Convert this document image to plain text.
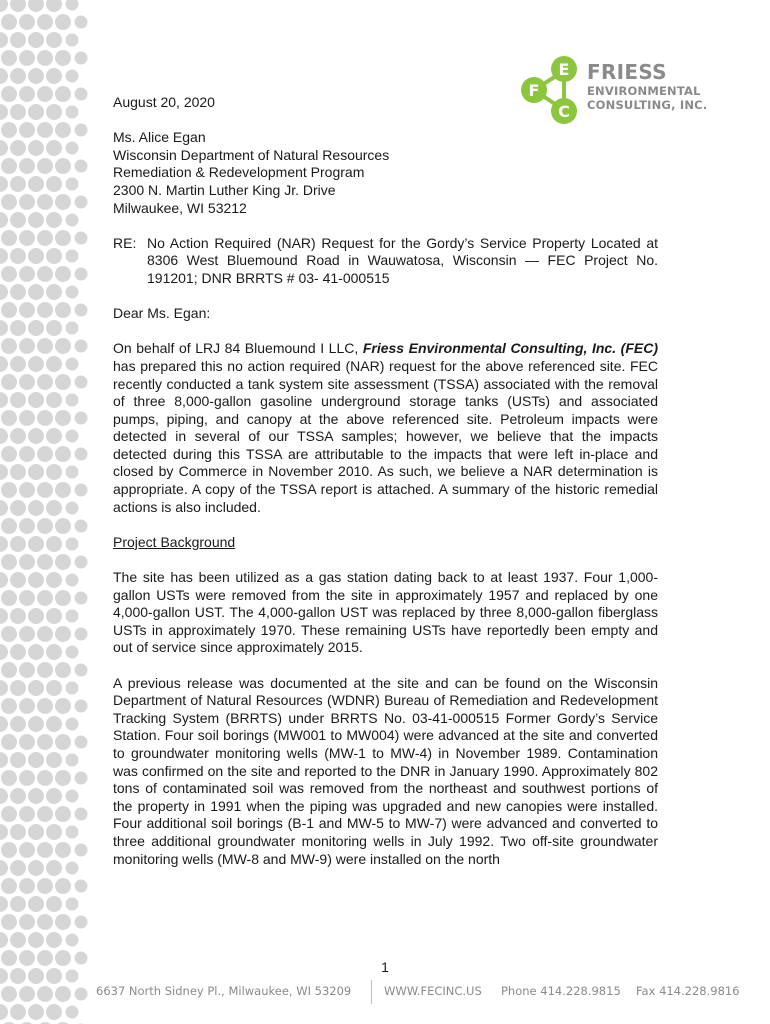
F
E
C
FRIESS
ENVIRONMENTAL
CONSULTING, INC.

August 20, 2020

Ms. Alice Egan
Wisconsin Department of Natural Resources
Remediation & Redevelopment Program
2300 N. Martin Luther King Jr. Drive
Milwaukee, WI 53212
RE: No Action Required (NAR) Request for the Gordy’s Service Property Located at 8306 West Bluemound Road in Wauwatosa, Wisconsin — FEC Project No. 191201; DNR BRRTS # 03- 41-000515

Dear Ms. Egan:

On behalf of LRJ 84 Bluemound I LLC, Friess Environmental Consulting, Inc. (FEC) has prepared this no action required (NAR) request for the above referenced site. FEC recently conducted a tank system site assessment (TSSA) associated with the removal of three 8,000-gallon gasoline underground storage tanks (USTs) and associated pumps, piping, and canopy at the above referenced site. Petroleum impacts were detected in several of our TSSA samples; however, we believe that the impacts detected during this TSSA are attributable to the impacts that were left in-place and closed by Commerce in November 2010. As such, we believe a NAR determination is appropriate. A copy of the TSSA report is attached. A summary of the historic remedial actions is also included.

Project Background

The site has been utilized as a gas station dating back to at least 1937. Four 1,000-gallon USTs were removed from the site in approximately 1957 and replaced by one 4,000-gallon UST. The 4,000-gallon UST was replaced by three 8,000-gallon fiberglass USTs in approximately 1970. These remaining USTs have reportedly been empty and out of service since approximately 2015.

A previous release was documented at the site and can be found on the Wisconsin Department of Natural Resources (WDNR) Bureau of Remediation and Redevelopment Tracking System (BRRTS) under BRRTS No. 03-41-000515 Former Gordy’s Service Station. Four soil borings (MW001 to MW004) were advanced at the site and converted to groundwater monitoring wells (MW-1 to MW-4) in November 1989. Contamination was confirmed on the site and reported to the DNR in January 1990. Approximately 802 tons of contaminated soil was removed from the northeast and southwest portions of the property in 1991 when the piping was upgraded and new canopies were installed. Four additional soil borings (B-1 and MW-5 to MW-7) were advanced and converted to three additional groundwater monitoring wells in July 1992. Two off-site groundwater monitoring wells (MW-8 and MW-9) were installed on the north

1
6637 North Sidney Pl., Milwaukee, WI 53209	WWW.FECINC.US Phone 414.228.9815 Fax 414.228.9816
